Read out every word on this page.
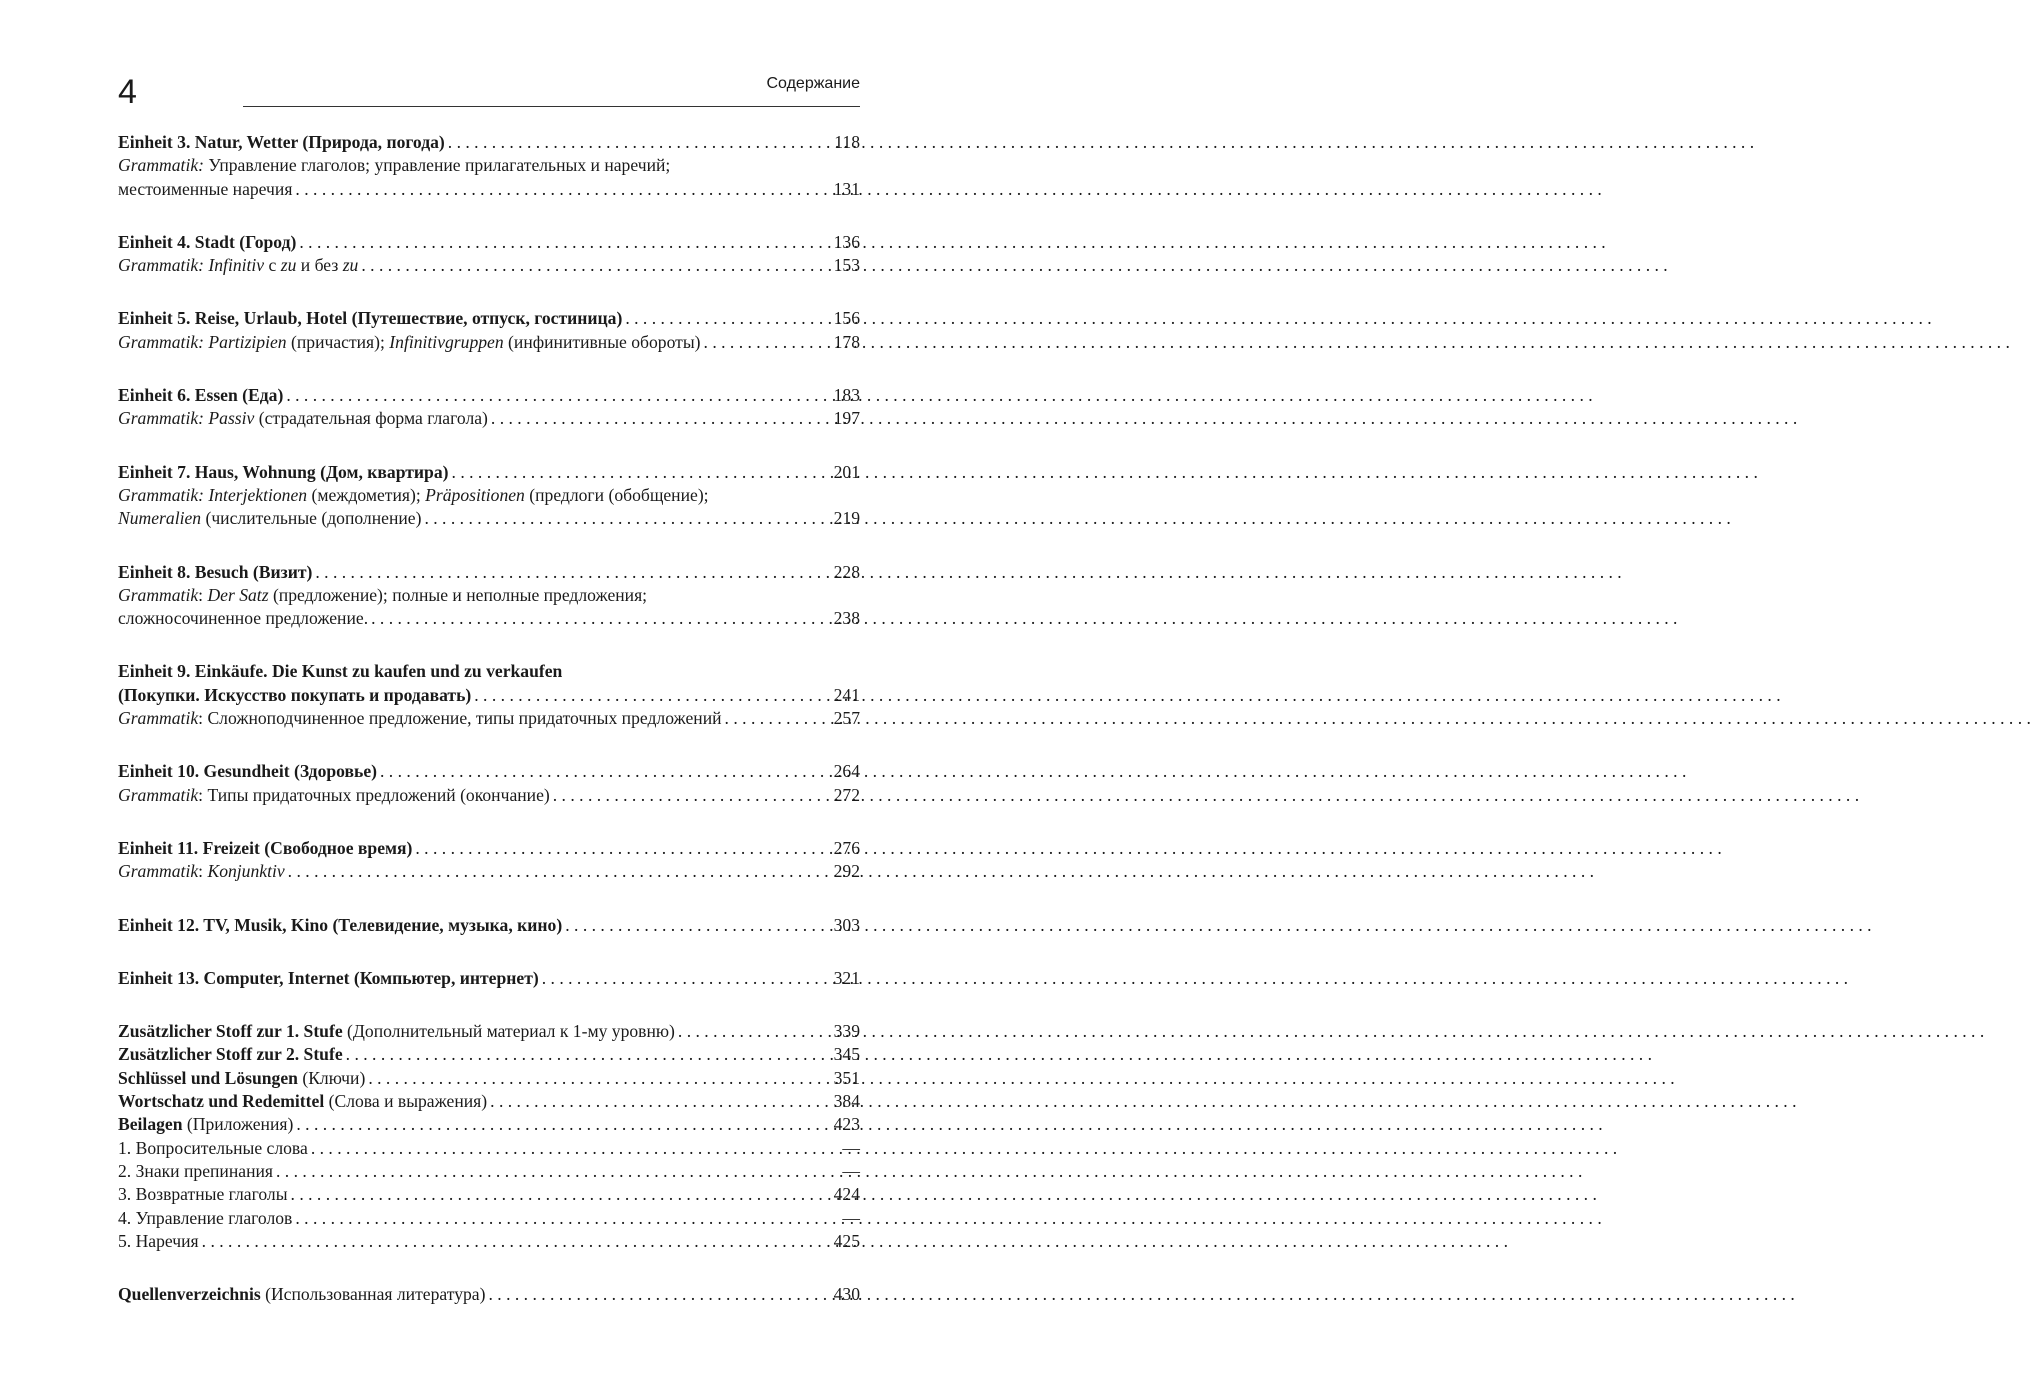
4	Содержание
Einheit 3. Natur, Wetter (Природа, погода) . . .	118
Grammatik: Управление глаголов; управление прилагательных и наречий;
местоименные наречия . . .	131
Einheit 4. Stadt (Город) . . .	136
Grammatik: Infinitiv с zu и без zu . . .	153
Einheit 5. Reise, Urlaub, Hotel (Путешествие, отпуск, гостиница) . . .	156
Grammatik: Partizipien (причастия); Infinitivgruppen (инфинитивные обороты) . . .	178
Einheit 6. Essen (Еда) . . .	183
Grammatik: Passiv (страдательная форма глагола) . . .	197
Einheit 7. Haus, Wohnung (Дом, квартира) . . .	201
Grammatik: Interjektionen (междометия); Präpositionen (предлоги (обобщение);
Numeralien (числительные (дополнение) . . .	219
Einheit 8. Besuch (Визит) . . .	228
Grammatik: Der Satz (предложение); полные и неполные предложения;
сложносочиненное предложение. . . .	238
Einheit 9. Einkäufe. Die Kunst zu kaufen und zu verkaufen
(Покупки. Искусство покупать и продавать) . . .	241
Grammatik: Сложноподчиненное предложение, типы придаточных предложений . . .	257
Einheit 10. Gesundheit (Здоровье) . . .	264
Grammatik: Типы придаточных предложений (окончание) . . .	272
Einheit 11. Freizeit (Свободное время) . . .	276
Grammatik: Konjunktiv . . .	292
Einheit 12. TV, Musik, Kino (Телевидение, музыка, кино) . . .	303
Einheit 13. Computer, Internet (Компьютер, интернет) . . .	321
Zusätzlicher Stoff zur 1. Stufe (Дополнительный материал к 1-му уровню) . . .	339
Zusätzlicher Stoff zur 2. Stufe . . .	345
Schlüssel und Lösungen (Ключи) . . .	351
Wortschatz und Redemittel (Слова и выражения) . . .	384
Beilagen (Приложения) . . .	423
1. Вопросительные слова . . .	—
2. Знаки препинания . . .	—
3. Возвратные глаголы . . .	424
4. Управление глаголов . . .	—
5. Наречия . . .	425
Quellenverzeichnis (Использованная литература) . . .	430
